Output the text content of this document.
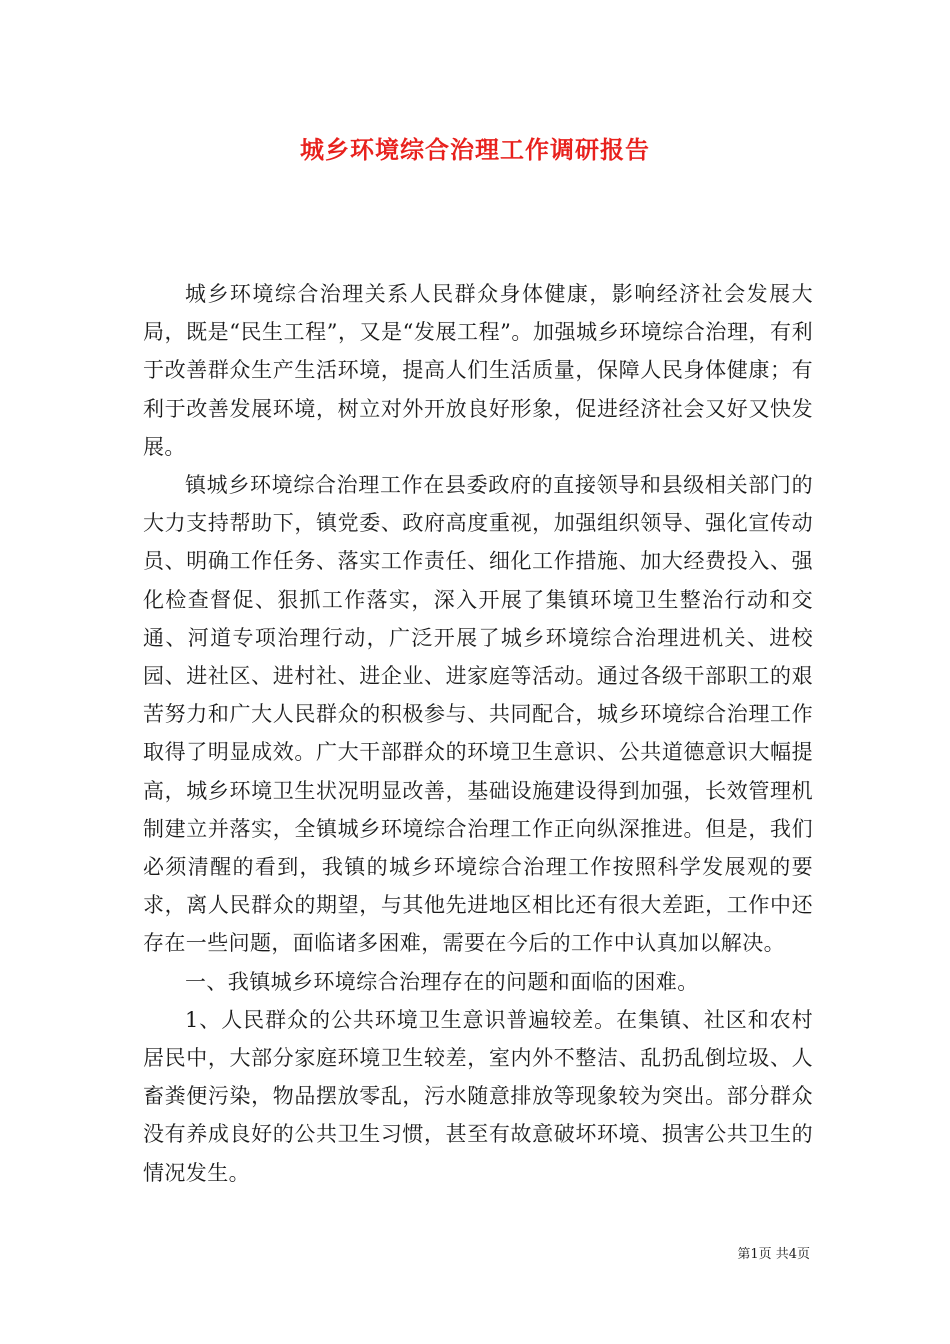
城乡环境综合治理工作调研报告

城乡环境综合治理关系人民群众身体健康，影响经济社会发展大局，既是“民生工程”，又是“发展工程”。加强城乡环境综合治理，有利于改善群众生产生活环境，提高人们生活质量，保障人民身体健康；有利于改善发展环境，树立对外开放良好形象，促进经济社会又好又快发展。

镇城乡环境综合治理工作在县委政府的直接领导和县级相关部门的大力支持帮助下，镇党委、政府高度重视，加强组织领导、强化宣传动员、明确工作任务、落实工作责任、细化工作措施、加大经费投入、强化检查督促、狠抓工作落实，深入开展了集镇环境卫生整治行动和交通、河道专项治理行动，广泛开展了城乡环境综合治理进机关、进校园、进社区、进村社、进企业、进家庭等活动。通过各级干部职工的艰苦努力和广大人民群众的积极参与、共同配合，城乡环境综合治理工作取得了明显成效。广大干部群众的环境卫生意识、公共道德意识大幅提高，城乡环境卫生状况明显改善，基础设施建设得到加强，长效管理机制建立并落实，全镇城乡环境综合治理工作正向纵深推进。但是，我们必须清醒的看到，我镇的城乡环境综合治理工作按照科学发展观的要求，离人民群众的期望，与其他先进地区相比还有很大差距，工作中还存在一些问题，面临诸多困难，需要在今后的工作中认真加以解决。

一、我镇城乡环境综合治理存在的问题和面临的困难。

1、人民群众的公共环境卫生意识普遍较差。在集镇、社区和农村居民中，大部分家庭环境卫生较差，室内外不整洁、乱扔乱倒垃圾、人畜粪便污染，物品摆放零乱，污水随意排放等现象较为突出。部分群众没有养成良好的公共卫生习惯，甚至有故意破坏环境、损害公共卫生的情况发生。

第1页 共4页
